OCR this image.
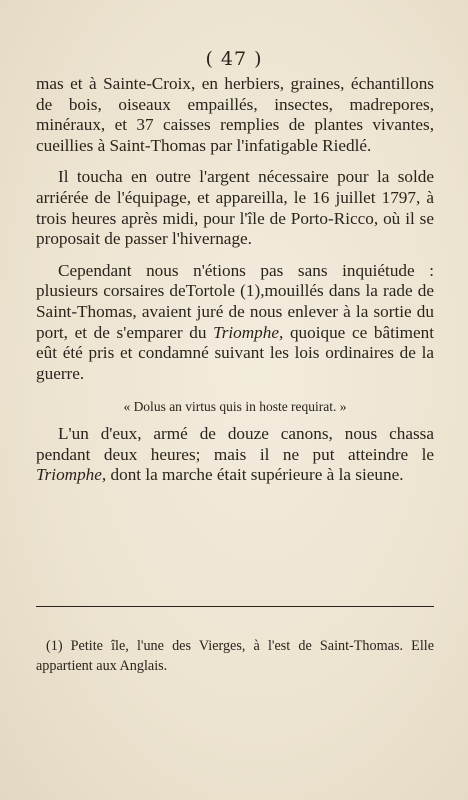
( 47 )

mas et à Sainte-Croix, en herbiers, graines, échantillons de bois, oiseaux empaillés, insectes, madrepores, minéraux, et 37 caisses remplies de plantes vivantes, cueillies à Saint-Thomas par l'infatigable Riedlé.

Il toucha en outre l'argent nécessaire pour la solde arriérée de l'équipage, et appareilla, le 16 juillet 1797, à trois heures après midi, pour l'île de Porto-Ricco, où il se proposait de passer l'hivernage.

Cependant nous n'étions pas sans inquiétude : plusieurs corsaires deTortole (1),mouillés dans la rade de Saint-Thomas, avaient juré de nous enlever à la sortie du port, et de s'emparer du Triomphe, quoique ce bâtiment eût été pris et condamné suivant les lois ordinaires de la guerre.

« Dolus an virtus quis in hoste requirat. »

L'un d'eux, armé de douze canons, nous chassa pendant deux heures; mais il ne put atteindre le Triomphe, dont la marche était supérieure à la sieune.

(1) Petite île, l'une des Vierges, à l'est de Saint-Thomas. Elle appartient aux Anglais.
